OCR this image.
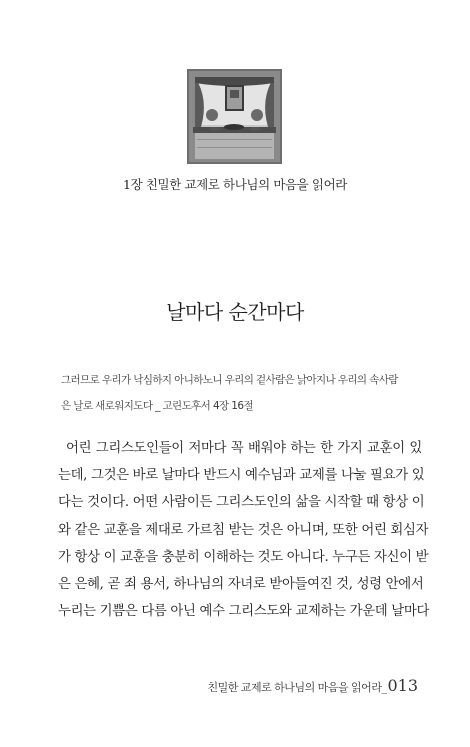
1장 친밀한 교제로 하나님의 마음을 읽어라
날마다 순간마다
그러므로 우리가 낙심하지 아니하노니 우리의 겉사람은 낡아지나 우리의 속사람
은 날로 새로워지도다 _ 고린도후서 4장 16절
어린 그리스도인들이 저마다 꼭 배워야 하는 한 가지 교훈이 있
는데, 그것은 바로 날마다 반드시 예수님과 교제를 나눌 필요가 있
다는 것이다. 어떤 사람이든 그리스도인의 삶을 시작할 때 항상 이
와 같은 교훈을 제대로 가르침 받는 것은 아니며, 또한 어린 회심자
가 항상 이 교훈을 충분히 이해하는 것도 아니다. 누구든 자신이 받
은 은혜, 곧 죄 용서, 하나님의 자녀로 받아들여진 것, 성령 안에서
누리는 기쁨은 다름 아닌 예수 그리스도와 교제하는 가운데 날마다
친밀한 교제로 하나님의 마음을 읽어라_ 013
